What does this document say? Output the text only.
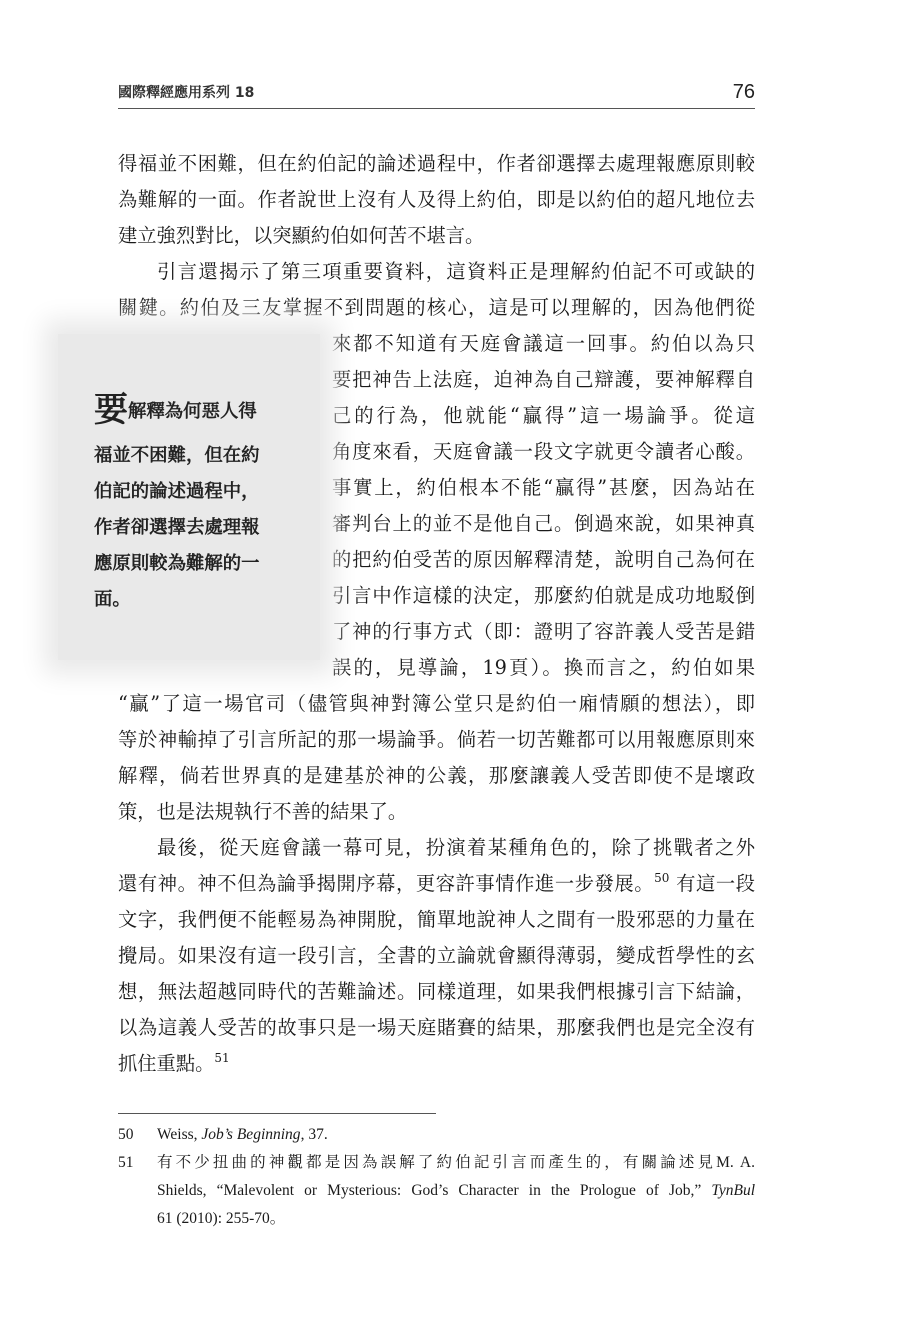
國際釋經應用系列 18	76
得福並不困難，但在約伯記的論述過程中，作者卻選擇去處理報應原則較
為難解的一面。作者說世上沒有人及得上約伯，即是以約伯的超凡地位去
建立強烈對比，以突顯約伯如何苦不堪言。
引言還揭示了第三項重要資料，這資料正是理解約伯記不可或缺的
關鍵。約伯及三友掌握不到問題的核心，這是可以理解的，因為他們從
來都不知道有天庭會議這一回事。約伯以為只
要把神告上法庭，迫神為自己辯護，要神解釋自
己的行為，他就能“贏得”這一場論爭。從這
角度來看，天庭會議一段文字就更令讀者心酸。
事實上，約伯根本不能“贏得”甚麼，因為站在
審判台上的並不是他自己。倒過來說，如果神真
的把約伯受苦的原因解釋清楚，說明自己為何在
引言中作這樣的決定，那麼約伯就是成功地駁倒
了神的行事方式（即：證明了容許義人受苦是錯
誤的，見導論，19頁）。換而言之，約伯如果
“贏”了這一場官司（儘管與神對簿公堂只是約伯一廂情願的想法），即
等於神輸掉了引言所記的那一場論爭。倘若一切苦難都可以用報應原則來
解釋，倘若世界真的是建基於神的公義，那麼讓義人受苦即使不是壞政
策，也是法規執行不善的結果了。
最後，從天庭會議一幕可見，扮演着某種角色的，除了挑戰者之外
還有神。神不但為論爭揭開序幕，更容許事情作進一步發展。$^{50}$ 有這一段
文字，我們便不能輕易為神開脫，簡單地說神人之間有一股邪惡的力量在
攪局。如果沒有這一段引言，全書的立論就會顯得薄弱，變成哲學性的玄
想，無法超越同時代的苦難論述。同樣道理，如果我們根據引言下結論，
以為這義人受苦的故事只是一場天庭賭賽的結果，那麼我們也是完全沒有
抓住重點。$^{51}$
要解釋為何惡人得
福並不困難，但在約
伯記的論述過程中，
作者卻選擇去處理報
應原則較為難解的一
面。
50 Weiss, Job’s Beginning, 37.
51 有不少扭曲的神觀都是因為誤解了約伯記引言而產生的，有關論述見M. A.
Shields, “Malevolent or Mysterious: God’s Character in the Prologue of Job,” TynBul
61 (2010): 255-70。
